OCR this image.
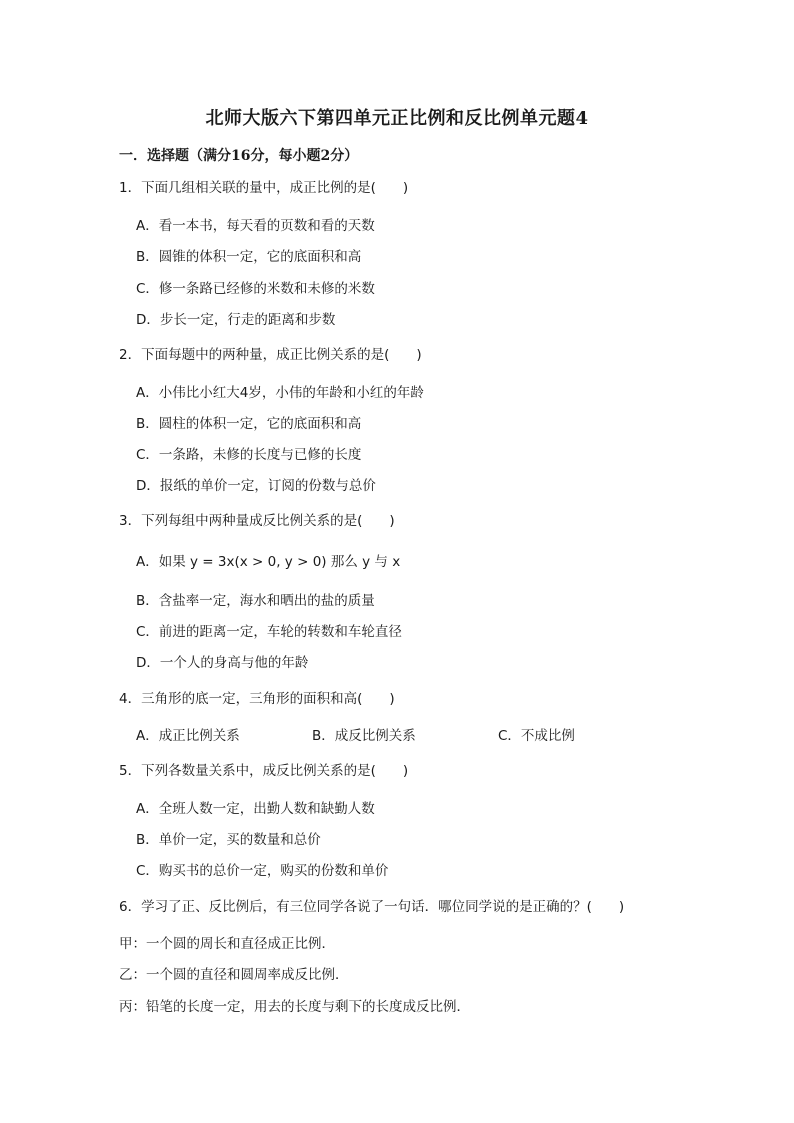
北师大版六下第四单元正比例和反比例单元题4
一．选择题（满分16分，每小题2分）
1．下面几组相关联的量中，成正比例的是(　　)
A．看一本书，每天看的页数和看的天数
B．圆锥的体积一定，它的底面积和高
C．修一条路已经修的米数和未修的米数
D．步长一定，行走的距离和步数
2．下面每题中的两种量，成正比例关系的是(　　)
A．小伟比小红大4岁，小伟的年龄和小红的年龄
B．圆柱的体积一定，它的底面积和高
C．一条路，未修的长度与已修的长度
D．报纸的单价一定，订阅的份数与总价
3．下列每组中两种量成反比例关系的是(　　)
A．如果 y = 3x(x > 0, y > 0) 那么 y 与 x
B．含盐率一定，海水和晒出的盐的质量
C．前进的距离一定，车轮的转数和车轮直径
D．一个人的身高与他的年龄
4．三角形的底一定，三角形的面积和高(　　)
A．成正比例关系	B．成反比例关系	C．不成比例
5．下列各数量关系中，成反比例关系的是(　　)
A．全班人数一定，出勤人数和缺勤人数
B．单价一定，买的数量和总价
C．购买书的总价一定，购买的份数和单价
6．学习了正、反比例后，有三位同学各说了一句话．哪位同学说的是正确的？(　　)
甲：一个圆的周长和直径成正比例．
乙：一个圆的直径和圆周率成反比例．
丙：铅笔的长度一定，用去的长度与剩下的长度成反比例．
